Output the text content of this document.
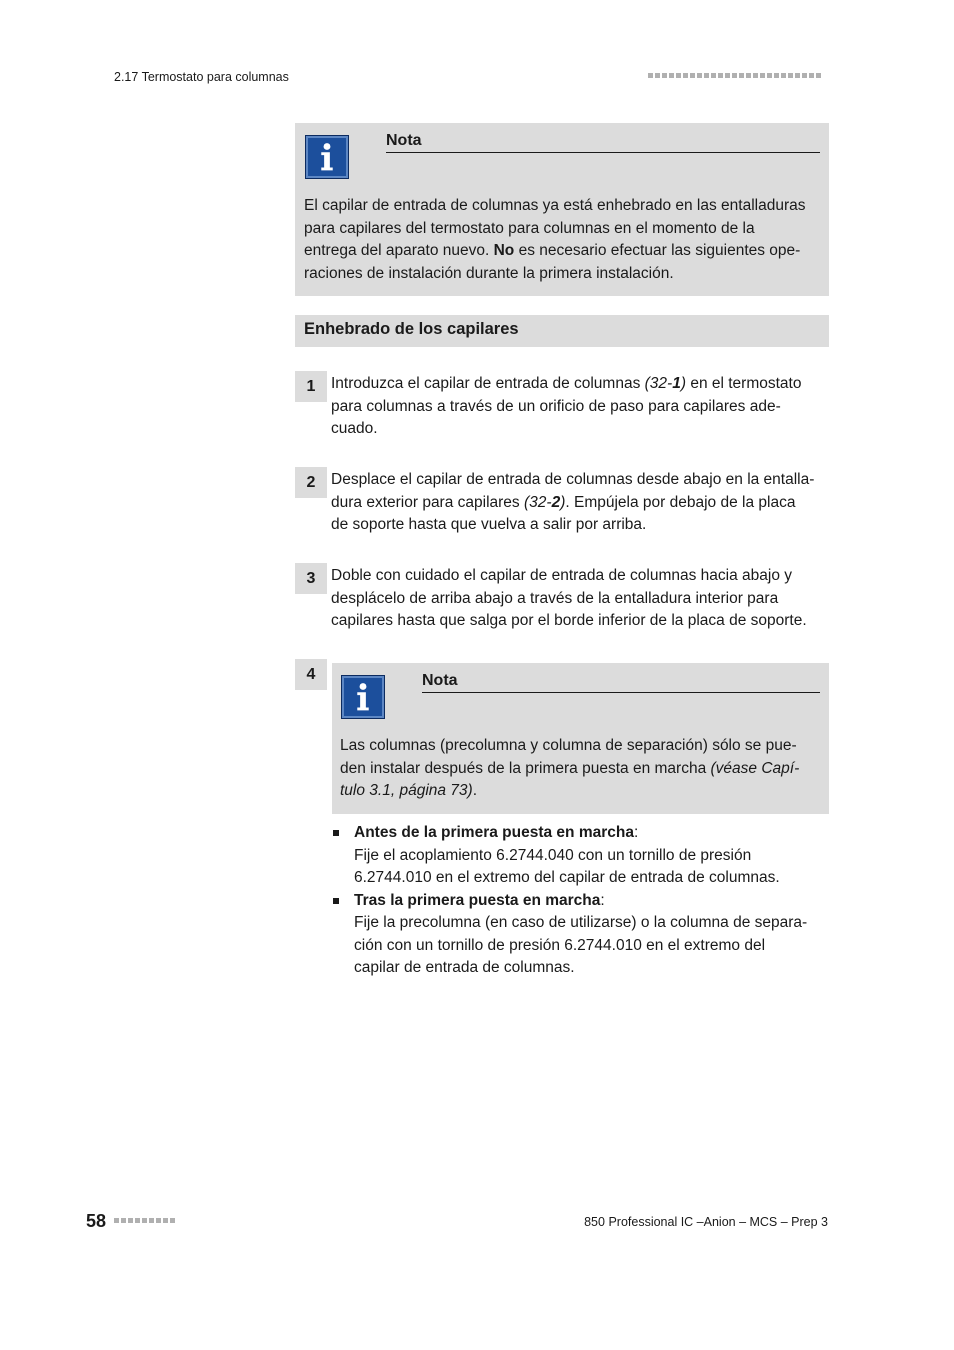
2.17 Termostato para columnas
Nota
El capilar de entrada de columnas ya está enhebrado en las entalladuras
para capilares del termostato para columnas en el momento de la
entrega del aparato nuevo. No es necesario efectuar las siguientes ope-
raciones de instalación durante la primera instalación.
Enhebrado de los capilares
1	Introduzca el capilar de entrada de columnas (32-1) en el termostato
para columnas a través de un orificio de paso para capilares ade-
cuado.
2	Desplace el capilar de entrada de columnas desde abajo en la entalla-
dura exterior para capilares (32-2). Empújela por debajo de la placa
de soporte hasta que vuelva a salir por arriba.
3	Doble con cuidado el capilar de entrada de columnas hacia abajo y
desplácelo de arriba abajo a través de la entalladura interior para
capilares hasta que salga por el borde inferior de la placa de soporte.
4	Nota
Las columnas (precolumna y columna de separación) sólo se pue-
den instalar después de la primera puesta en marcha (véase Capí-
tulo 3.1, página 73).
Antes de la primera puesta en marcha:
Fije el acoplamiento 6.2744.040 con un tornillo de presión
6.2744.010 en el extremo del capilar de entrada de columnas.
Tras la primera puesta en marcha:
Fije la precolumna (en caso de utilizarse) o la columna de separa-
ción con un tornillo de presión 6.2744.010 en el extremo del
capilar de entrada de columnas.
58	850 Professional IC –Anion – MCS – Prep 3
